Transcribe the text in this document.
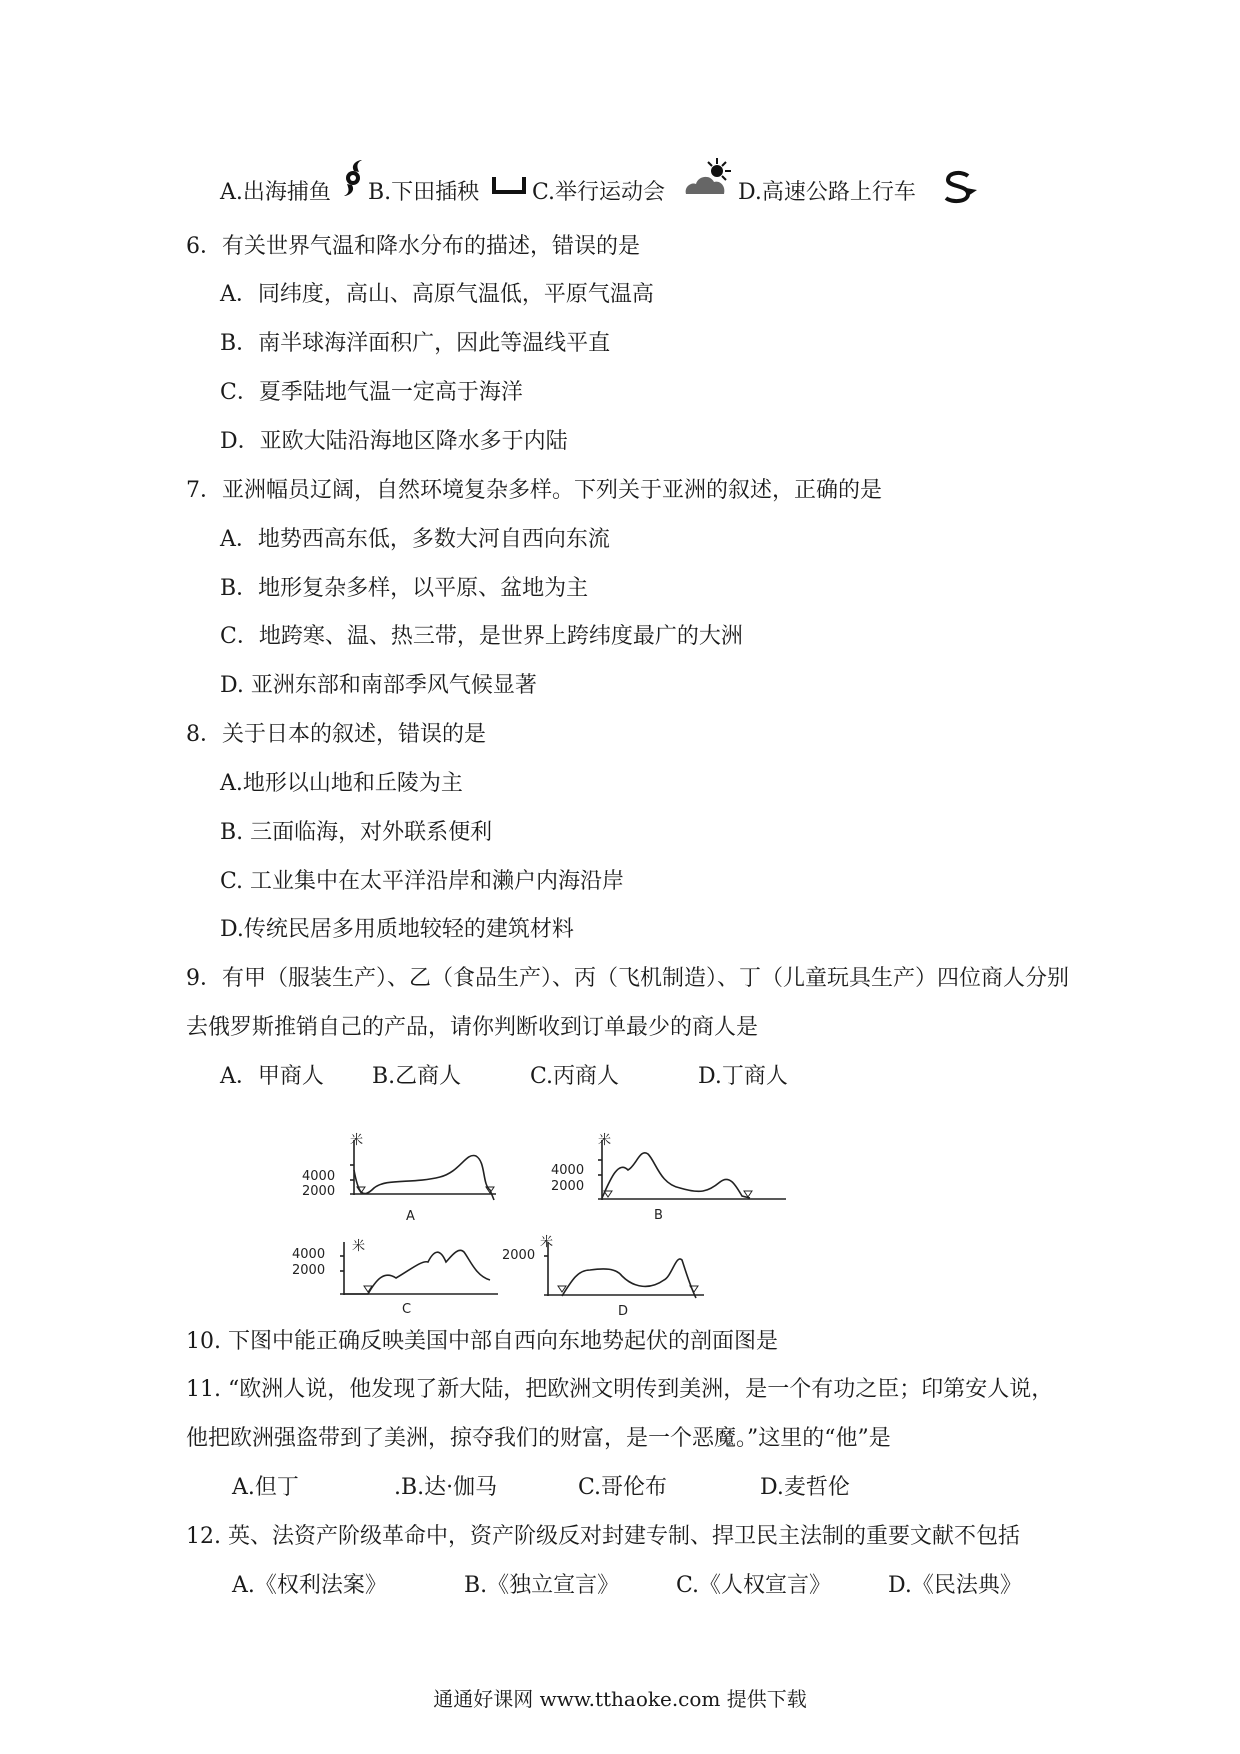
A.出海捕鱼 B.下田插秧 C.举行运动会	D.高速公路上行车
6．有关世界气温和降水分布的描述，错误的是
A．同纬度，高山、高原气温低，平原气温高
B．南半球海洋面积广，因此等温线平直
C．夏季陆地气温一定高于海洋
D．亚欧大陆沿海地区降水多于内陆
7．亚洲幅员辽阔，自然环境复杂多样。下列关于亚洲的叙述，正确的是
A．地势西高东低，多数大河自西向东流
B．地形复杂多样，以平原、盆地为主
C．地跨寒、温、热三带，是世界上跨纬度最广的大洲
D. 亚洲东部和南部季风气候显著
8．关于日本的叙述，错误的是
A.地形以山地和丘陵为主
B. 三面临海，对外联系便利
C. 工业集中在太平洋沿岸和濑户内海沿岸
D.传统民居多用质地较轻的建筑材料
9．有甲（服装生产）、乙（食品生产）、丙（飞机制造）、丁（儿童玩具生产）四位商人分别
去俄罗斯推销自己的产品，请你判断收到订单最少的商人是
A．甲商人 B.乙商人	C.丙商人	D.丁商人
4000
2000
米
A
4000
2000
米
B
4000
2000
米
C
2000
米
D
10. 下图中能正确反映美国中部自西向东地势起伏的剖面图是
11. “欧洲人说，他发现了新大陆，把欧洲文明传到美洲，是一个有功之臣；印第安人说，
他把欧洲强盗带到了美洲，掠夺我们的财富，是一个恶魔。”这里的“他”是
A.但丁	.B.达·伽马	C.哥伦布	D.麦哲伦
12. 英、法资产阶级革命中，资产阶级反对封建专制、捍卫民主法制的重要文献不包括
A.《权利法案》	B.《独立宣言》	C.《人权宣言》	D.《民法典》
通通好课网 www.tthaoke.com 提供下载
